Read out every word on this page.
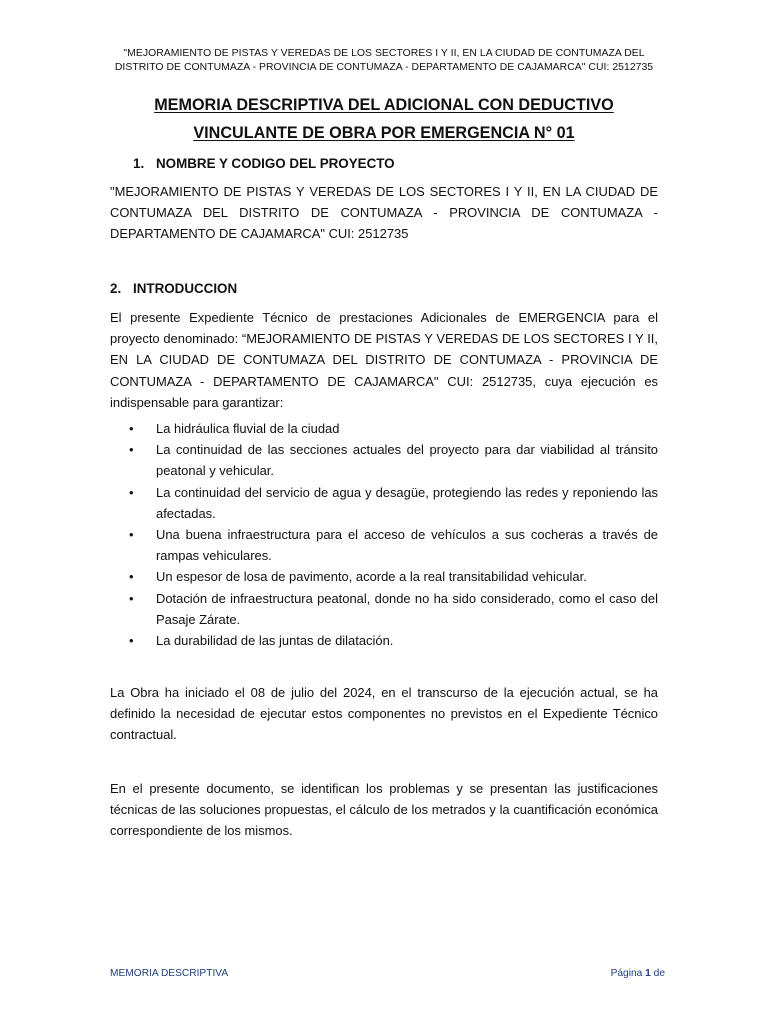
"MEJORAMIENTO DE PISTAS Y VEREDAS DE LOS SECTORES I Y II, EN LA CIUDAD DE CONTUMAZA DEL DISTRITO DE CONTUMAZA - PROVINCIA DE CONTUMAZA - DEPARTAMENTO DE CAJAMARCA" CUI: 2512735
MEMORIA DESCRIPTIVA DEL ADICIONAL CON DEDUCTIVO
VINCULANTE DE OBRA POR EMERGENCIA N° 01
1. NOMBRE Y CODIGO DEL PROYECTO
"MEJORAMIENTO DE PISTAS Y VEREDAS DE LOS SECTORES I Y II, EN LA CIUDAD DE CONTUMAZA DEL DISTRITO DE CONTUMAZA - PROVINCIA DE CONTUMAZA - DEPARTAMENTO DE CAJAMARCA" CUI: 2512735
2. INTRODUCCION
El presente Expediente Técnico de prestaciones Adicionales de EMERGENCIA para el proyecto denominado: “MEJORAMIENTO DE PISTAS Y VEREDAS DE LOS SECTORES I Y II, EN LA CIUDAD DE CONTUMAZA DEL DISTRITO DE CONTUMAZA - PROVINCIA DE CONTUMAZA - DEPARTAMENTO DE CAJAMARCA" CUI: 2512735, cuya ejecución es indispensable para garantizar:
• La hidráulica fluvial de la ciudad
• La continuidad de las secciones actuales del proyecto para dar viabilidad al tránsito peatonal y vehicular.
• La continuidad del servicio de agua y desagüe, protegiendo las redes y reponiendo las afectadas.
• Una buena infraestructura para el acceso de vehículos a sus cocheras a través de rampas vehiculares.
• Un espesor de losa de pavimento, acorde a la real transitabilidad vehicular.
• Dotación de infraestructura peatonal, donde no ha sido considerado, como el caso del Pasaje Zárate.
• La durabilidad de las juntas de dilatación.
La Obra ha iniciado el 08 de julio del 2024, en el transcurso de la ejecución actual, se ha definido la necesidad de ejecutar estos componentes no previstos en el Expediente Técnico contractual.
En el presente documento, se identifican los problemas y se presentan las justificaciones técnicas de las soluciones propuestas, el cálculo de los metrados y la cuantificación económica correspondiente de los mismos.
MEMORIA DESCRIPTIVA	Página 1 de
